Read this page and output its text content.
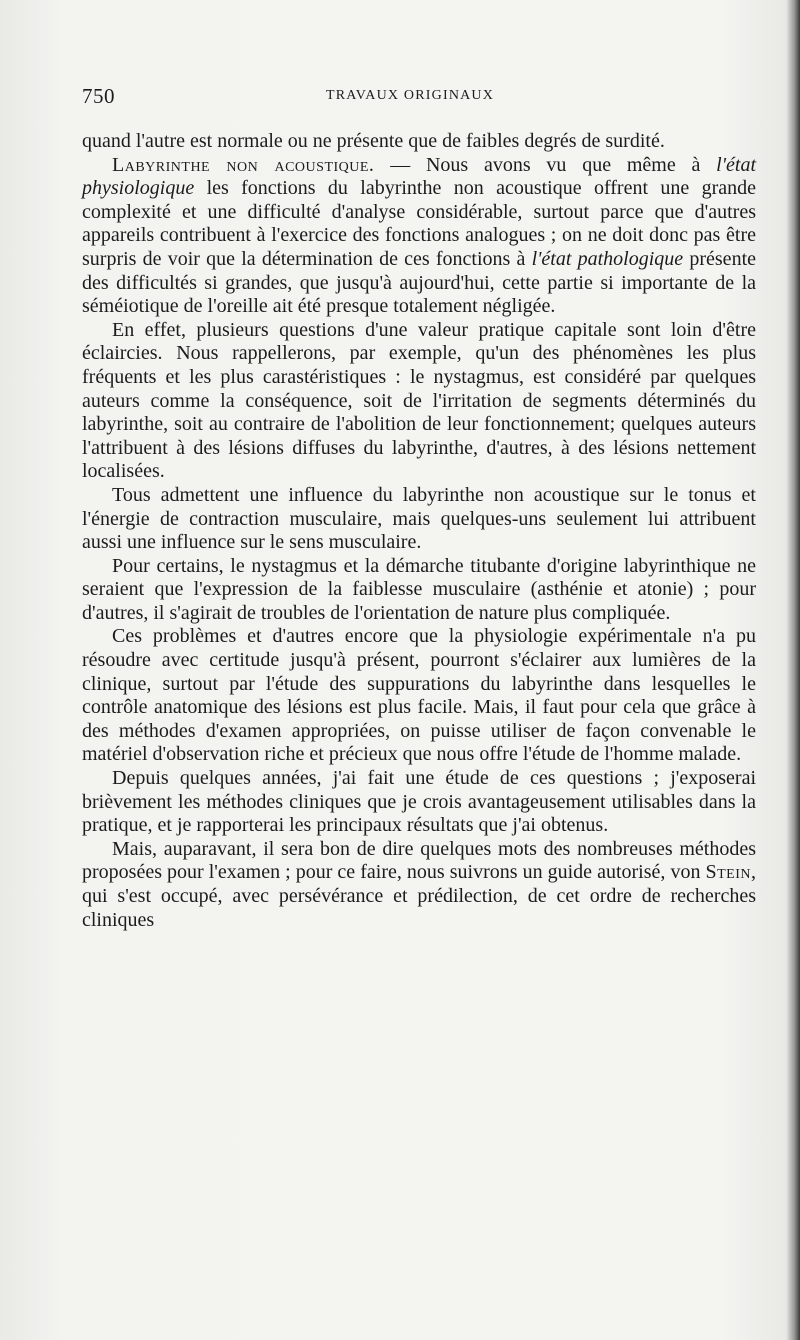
750	TRAVAUX ORIGINAUX

quand l'autre est normale ou ne présente que de faibles degrés de surdité.

Labyrinthe non acoustique. — Nous avons vu que même à l'état physiologique les fonctions du labyrinthe non acoustique offrent une grande complexité et une difficulté d'analyse considérable, surtout parce que d'autres appareils contribuent à l'exercice des fonctions analogues ; on ne doit donc pas être surpris de voir que la détermination de ces fonctions à l'état pathologique présente des difficultés si grandes, que jusqu'à aujourd'hui, cette partie si importante de la séméiotique de l'oreille ait été presque totalement négligée.

En effet, plusieurs questions d'une valeur pratique capitale sont loin d'être éclaircies. Nous rappellerons, par exemple, qu'un des phénomènes les plus fréquents et les plus carastéristiques : le nystagmus, est considéré par quelques auteurs comme la conséquence, soit de l'irritation de segments déterminés du labyrinthe, soit au contraire de l'abolition de leur fonctionnement; quelques auteurs l'attribuent à des lésions diffuses du labyrinthe, d'autres, à des lésions nettement localisées.

Tous admettent une influence du labyrinthe non acoustique sur le tonus et l'énergie de contraction musculaire, mais quelques-uns seulement lui attribuent aussi une influence sur le sens musculaire.

Pour certains, le nystagmus et la démarche titubante d'origine labyrinthique ne seraient que l'expression de la faiblesse musculaire (asthénie et atonie) ; pour d'autres, il s'agirait de troubles de l'orientation de nature plus compliquée.

Ces problèmes et d'autres encore que la physiologie expérimentale n'a pu résoudre avec certitude jusqu'à présent, pourront s'éclairer aux lumières de la clinique, surtout par l'étude des suppurations du labyrinthe dans lesquelles le contrôle anatomique des lésions est plus facile. Mais, il faut pour cela que grâce à des méthodes d'examen appropriées, on puisse utiliser de façon convenable le matériel d'observation riche et précieux que nous offre l'étude de l'homme malade.

Depuis quelques années, j'ai fait une étude de ces questions ; j'exposerai brièvement les méthodes cliniques que je crois avantageusement utilisables dans la pratique, et je rapporterai les principaux résultats que j'ai obtenus.

Mais, auparavant, il sera bon de dire quelques mots des nombreuses méthodes proposées pour l'examen ; pour ce faire, nous suivrons un guide autorisé, von Stein, qui s'est occupé, avec persévérance et prédilection, de cet ordre de recherches cliniques
